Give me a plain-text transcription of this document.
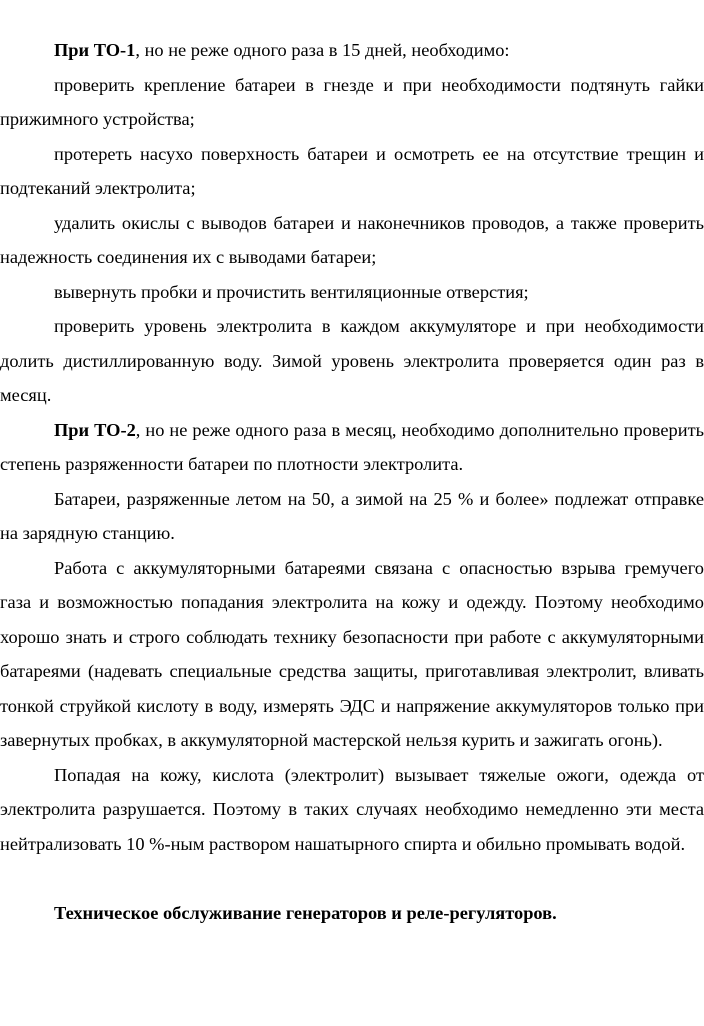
При ТО-1, но не реже одного раза в 15 дней, необходимо:

проверить крепление батареи в гнезде и при необходимости подтянуть гайки прижимного устройства;

протереть насухо поверхность батареи и осмотреть ее на отсутствие трещин и подтеканий электролита;

удалить окислы с выводов батареи и наконечников проводов, а также проверить надежность соединения их с выводами батареи;

вывернуть пробки и прочистить вентиляционные отверстия;

проверить уровень электролита в каждом аккумуляторе и при необходимости долить дистиллированную воду. Зимой уровень электролита проверяется один раз в месяц.

При ТО-2, но не реже одного раза в месяц, необходимо дополнительно проверить степень разряженности батареи по плотности электролита.

Батареи, разряженные летом на 50, а зимой на 25 % и более» подлежат отправке на зарядную станцию.

Работа с аккумуляторными батареями связана с опасностью взрыва гремучего газа и возможностью попадания электролита на кожу и одежду. Поэтому необходимо хорошо знать и строго соблюдать технику безопасности при работе с аккумуляторными батареями (надевать специальные средства защиты, приготавливая электролит, вливать тонкой струйкой кислоту в воду, измерять ЭДС и напряжение аккумуляторов только при завернутых пробках, в аккумуляторной мастерской нельзя курить и зажигать огонь).

Попадая на кожу, кислота (электролит) вызывает тяжелые ожоги, одежда от электролита разрушается. Поэтому в таких случаях необходимо немедленно эти места нейтрализовать 10 %-ным раствором нашатырного спирта и обильно промывать водой.

Техническое обслуживание генераторов и реле-регуляторов.
